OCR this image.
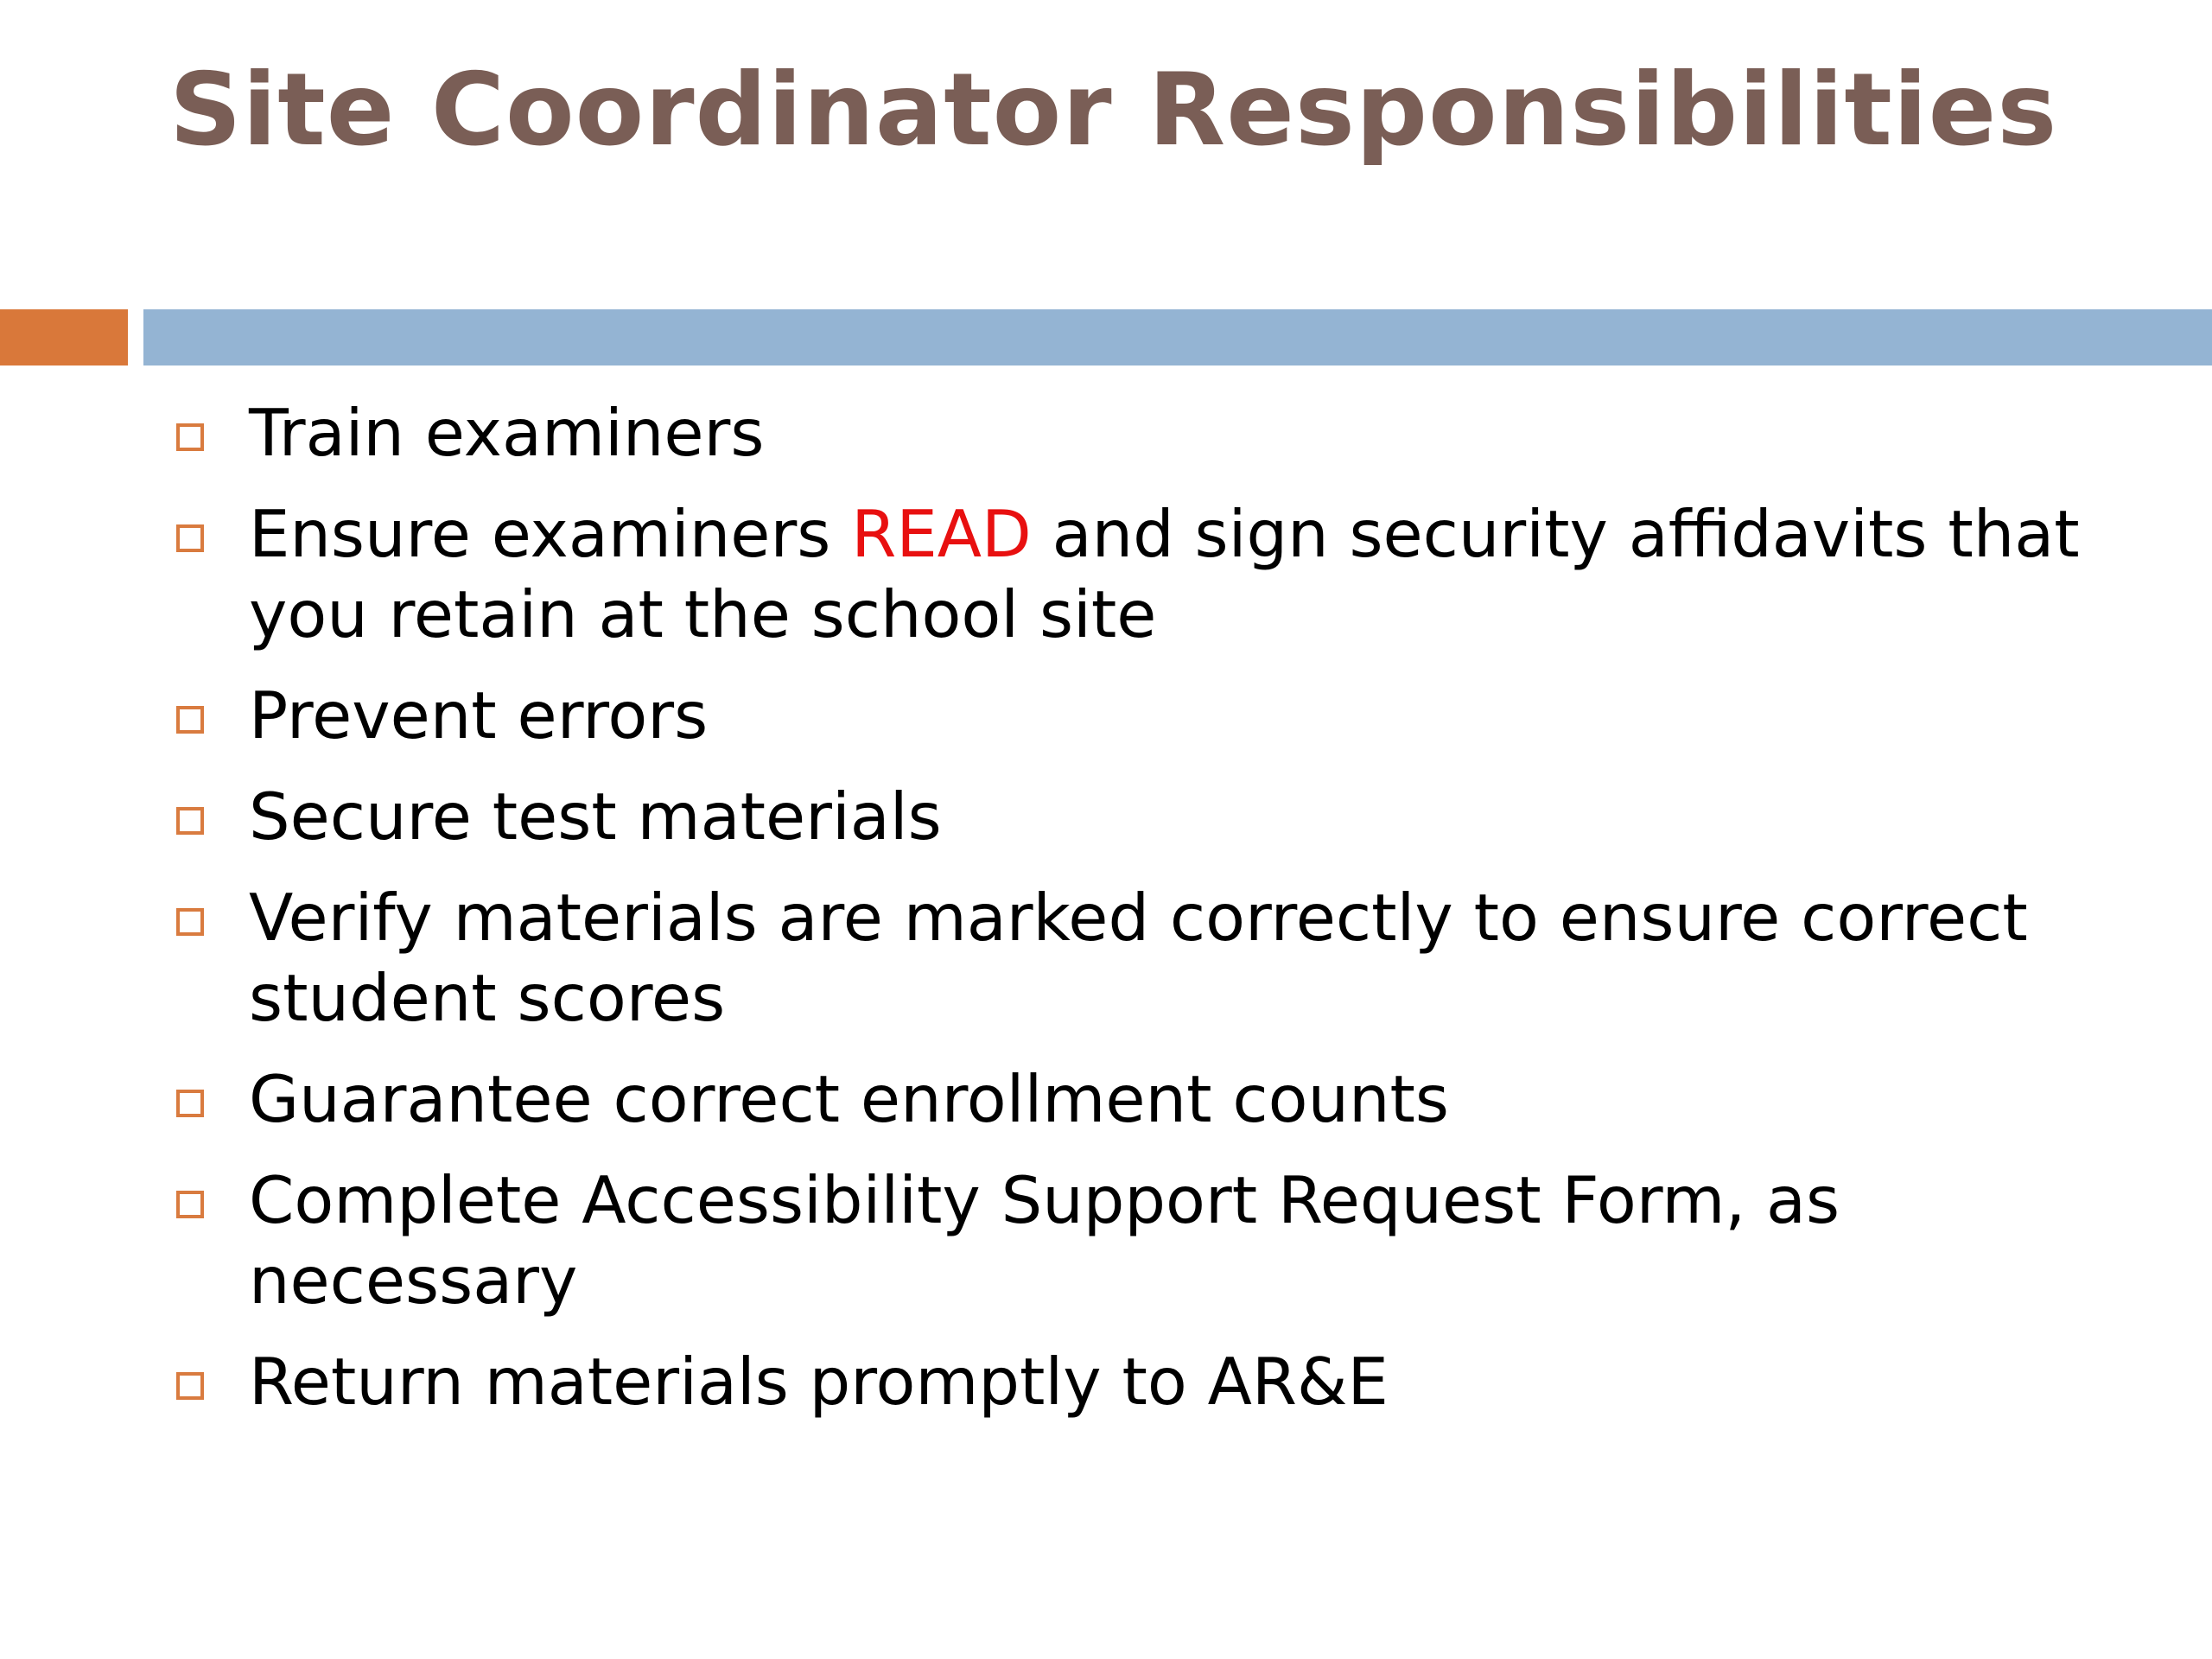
Site Coordinator Responsibilities
Train examiners
Ensure examiners READ and sign security affidavits that you retain at the school site
Prevent errors
Secure test materials
Verify materials are marked correctly to ensure correct student scores
Guarantee correct enrollment counts
Complete Accessibility Support Request Form, as necessary
Return materials promptly to AR&E
